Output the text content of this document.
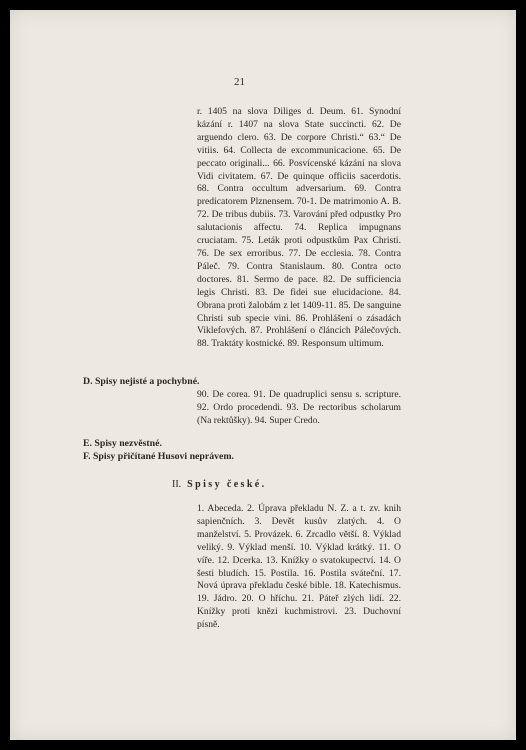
21
r. 1405 na slova Diliges d. Deum. 61. Synodní kázání r. 1407 na slova State succincti. 62. De arguendo clero. 63. De corpore Christi.“ 63.“ De vitiis. 64. Collecta de excommunicacione. 65. De peccato originali... 66. Posvícenské kázání na slova Vidi civitatem. 67. De quinque officiis sacerdotis. 68. Contra occultum adversarium. 69. Contra predicatorem Plznensem. 70-1. De matrimonio A. B. 72. De tribus dubiis. 73. Varování před odpustky Pro salutacionis affectu. 74. Replica impugnans cruciatam. 75. Leták proti odpustkům Pax Christi. 76. De sex erroribus. 77. De ecclesia. 78. Contra Páleč. 79. Contra Stanislaum. 80. Contra octo doctores. 81. Sermo de pace. 82. De sufficiencia legis Christi. 83. De fidei sue elucidacione. 84. Obrana proti žalobám z let 1409-11. 85. De sanguine Christi sub specie vini. 86. Prohlášení o zásadách Viklefových. 87. Prohlášení o článcích Pálečových. 88. Traktáty kostnické. 89. Responsum ultimum.
D. Spisy nejisté a pochybné.
90. De corea. 91. De quadruplici sensu s. scripture. 92. Ordo procedendi. 93. De rectoribus scholarum (Na rektůšky). 94. Super Credo.
E. Spisy nezvěstné.
F. Spisy přičítané Husovi neprávem.
II. Spisy české.
1. Abeceda. 2. Úprava překladu N. Z. a t. zv. knih sapienčních. 3. Devět kusův zlatých. 4. O manželství. 5. Provázek. 6. Zrcadlo větší. 8. Výklad veliký. 9. Výklad menší. 10. Výklad krátký. 11. O víře. 12. Dcerka. 13. Knížky o svatokupectví. 14. O šesti bludích. 15. Postila. 16. Postila sváteční. 17. Nová úprava překladu české bible. 18. Katechismus. 19. Jádro. 20. O hříchu. 21. Páteř zlých lidí. 22. Knížky proti knězi kuchmistrovi. 23. Duchovní písně.
